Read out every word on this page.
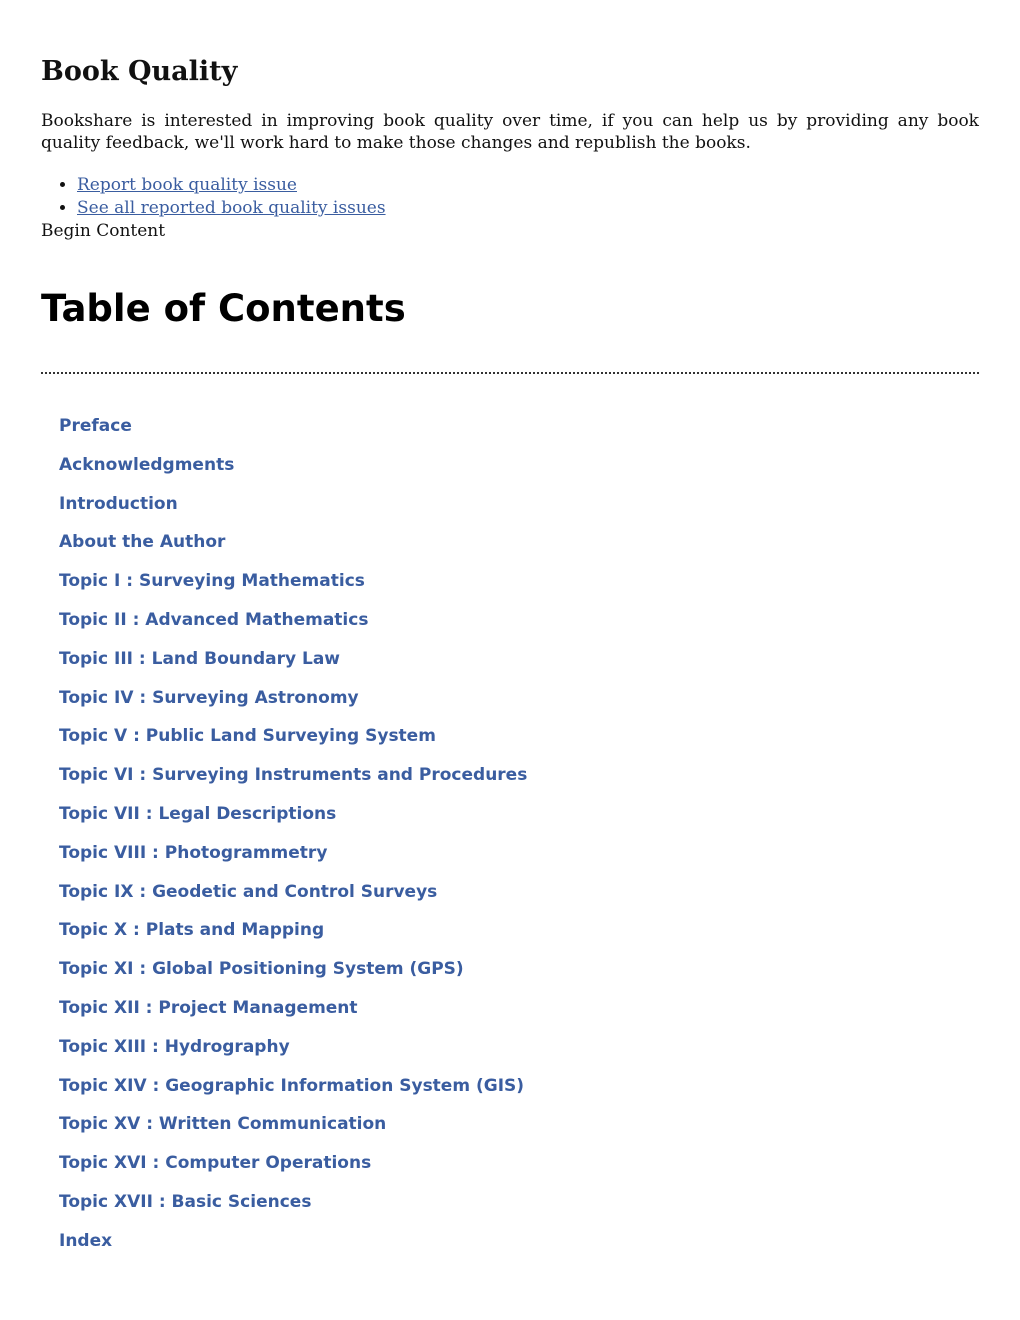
Book Quality

Bookshare is interested in improving book quality over time, if you can help us by providing any book quality feedback, we'll work hard to make those changes and republish the books.

• Report book quality issue
• See all reported book quality issues
Begin Content
Table of Contents
Preface
Acknowledgments
Introduction
About the Author
Topic I : Surveying Mathematics
Topic II : Advanced Mathematics
Topic III : Land Boundary Law
Topic IV : Surveying Astronomy
Topic V : Public Land Surveying System
Topic VI : Surveying Instruments and Procedures
Topic VII : Legal Descriptions
Topic VIII : Photogrammetry
Topic IX : Geodetic and Control Surveys
Topic X : Plats and Mapping
Topic XI : Global Positioning System (GPS)
Topic XII : Project Management
Topic XIII : Hydrography
Topic XIV : Geographic Information System (GIS)
Topic XV : Written Communication
Topic XVI : Computer Operations
Topic XVII : Basic Sciences
Index
